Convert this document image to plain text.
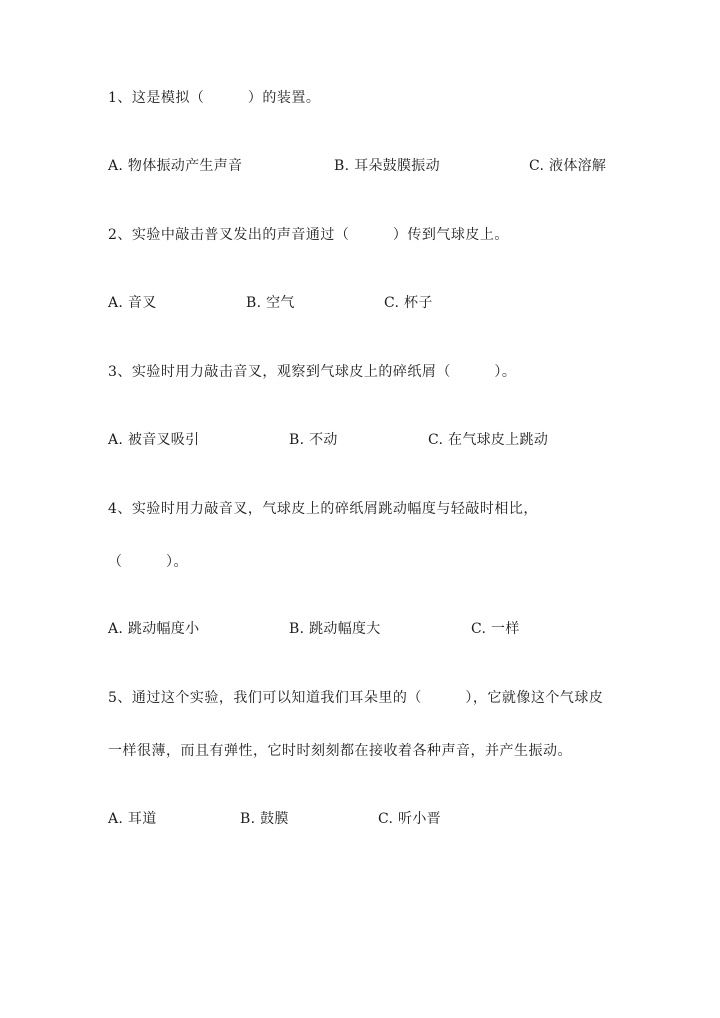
1、这是模拟（　　　）的装置。
A. 物体振动产生声音	B. 耳朵鼓膜振动	C. 液体溶解
2、实验中敲击普叉发出的声音通过（　　　）传到气球皮上。
A. 音叉	B. 空气	C. 杯子
3、实验时用力敲击音叉，观察到气球皮上的碎纸屑（　　　）。
A. 被音叉吸引	B. 不动	C. 在气球皮上跳动
4、实验时用力敲音叉，气球皮上的碎纸屑跳动幅度与轻敲时相比，
（　　　）。
A. 跳动幅度小	B. 跳动幅度大	C. 一样
5、通过这个实验，我们可以知道我们耳朵里的（　　　），它就像这个气球皮
一样很薄，而且有弹性，它时时刻刻都在接收着各种声音，并产生振动。
A. 耳道	B. 鼓膜	C. 听小晋
